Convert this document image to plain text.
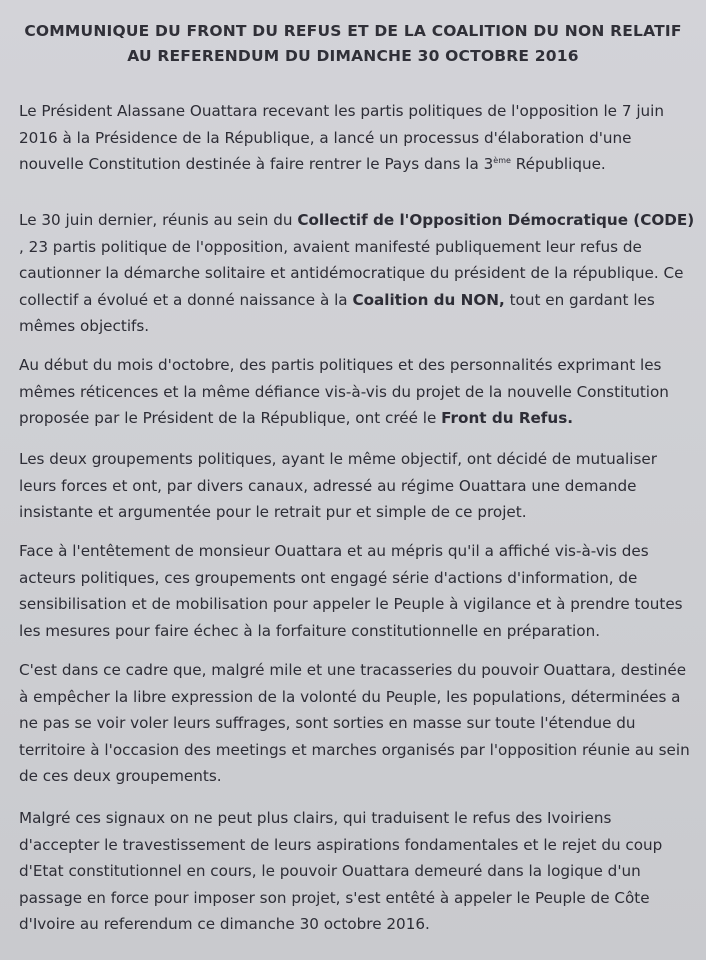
COMMUNIQUE DU FRONT DU REFUS ET DE LA COALITION DU NON RELATIF
AU REFERENDUM DU DIMANCHE 30 OCTOBRE 2016
Le Président Alassane Ouattara recevant les partis politiques de l'opposition le 7 juin 2016 à la Présidence de la République, a lancé un processus d'élaboration d'une nouvelle Constitution destinée à faire rentrer le Pays dans la 3ème République.
Le 30 juin dernier, réunis au sein du Collectif de l'Opposition Démocratique (CODE) , 23 partis politique de l'opposition, avaient manifesté publiquement leur refus de cautionner la démarche solitaire et antidémocratique du président de la république. Ce collectif a évolué et a donné naissance à la Coalition du NON, tout en gardant les mêmes objectifs.
Au début du mois d'octobre, des partis politiques et des personnalités exprimant les mêmes réticences et la même défiance vis-à-vis du projet de la nouvelle Constitution proposée par le Président de la République, ont créé le Front du Refus.
Les deux groupements politiques, ayant le même objectif, ont décidé de mutualiser leurs forces et ont, par divers canaux, adressé au régime Ouattara une demande insistante et argumentée pour le retrait pur et simple de ce projet.
Face à l'entêtement de monsieur Ouattara et au mépris qu'il a affiché vis-à-vis des acteurs politiques, ces groupements ont engagé série d'actions d'information, de sensibilisation et de mobilisation pour appeler le Peuple à vigilance et à prendre toutes les mesures pour faire échec à la forfaiture constitutionnelle en préparation.
C'est dans ce cadre que, malgré mile et une tracasseries du pouvoir Ouattara, destinée à empêcher la libre expression de la volonté du Peuple, les populations, déterminées a ne pas se voir voler leurs suffrages, sont sorties en masse sur toute l'étendue du territoire à l'occasion des meetings et marches organisés par l'opposition réunie au sein de ces deux groupements.
Malgré ces signaux on ne peut plus clairs, qui traduisent le refus des Ivoiriens d'accepter le travestissement de leurs aspirations fondamentales et le rejet du coup d'Etat constitutionnel en cours, le pouvoir Ouattara demeuré dans la logique d'un passage en force pour imposer son projet, s'est entêté à appeler le Peuple de Côte d'Ivoire au referendum ce dimanche 30 octobre 2016.
